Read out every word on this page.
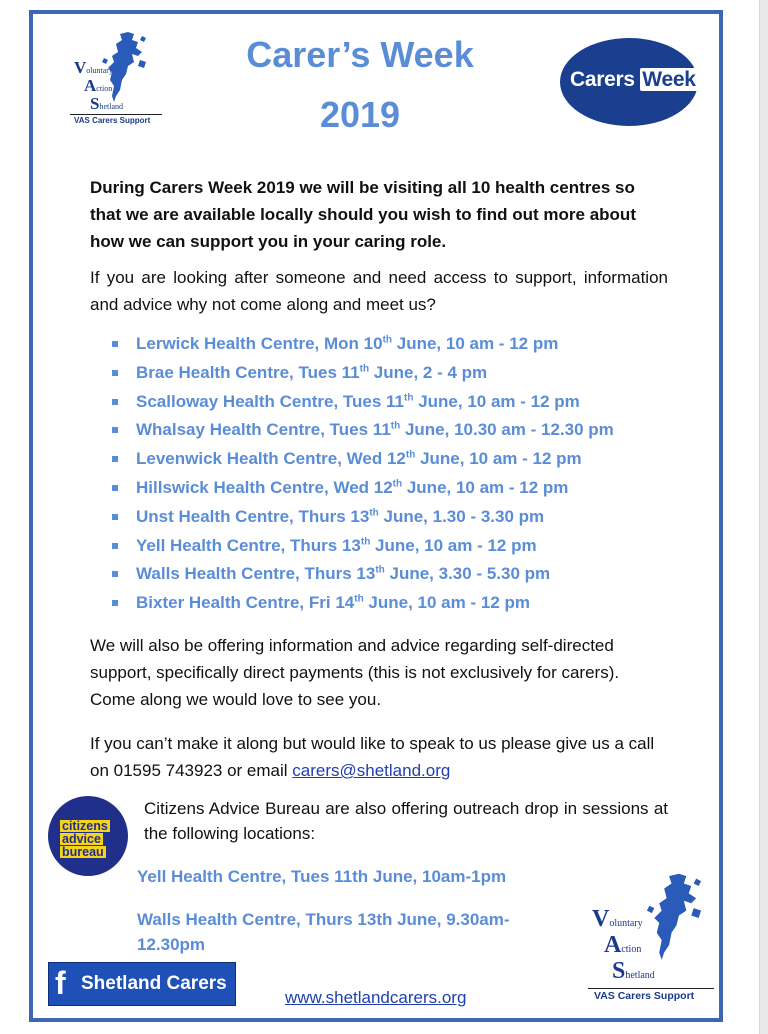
Voluntary
Action
Shetland
VAS Carers Support
Carer’s Week
2019
Carers Week
During Carers Week 2019 we will be visiting all 10 health centres so that we are available locally should you wish to find out more about how we can support you in your caring role.
If you are looking after someone and need access to support, information and advice why not come along and meet us?
Lerwick Health Centre, Mon 10th June, 10 am - 12 pm
Brae Health Centre, Tues 11th June, 2 - 4 pm
Scalloway Health Centre, Tues 11th June, 10 am - 12 pm
Whalsay Health Centre, Tues 11th June, 10.30 am - 12.30 pm
Levenwick Health Centre, Wed 12th June, 10 am - 12 pm
Hillswick Health Centre, Wed 12th June, 10 am - 12 pm
Unst Health Centre, Thurs 13th June, 1.30 - 3.30 pm
Yell Health Centre, Thurs 13th June, 10 am - 12 pm
Walls Health Centre, Thurs 13th June, 3.30 - 5.30 pm
Bixter Health Centre, Fri 14th June, 10 am - 12 pm
We will also be offering information and advice regarding self-directed support, specifically direct payments (this is not exclusively for carers). Come along we would love to see you.
If you can’t make it along but would like to speak to us please give us a call on 01595 743923 or email carers@shetland.org
citizens
advice
bureau
Citizens Advice Bureau are also offering outreach drop in sessions at the following locations:
Yell Health Centre, Tues 11th June, 10am-1pm
Walls Health Centre, Thurs 13th June, 9.30am-12.30pm
Voluntary
Action
Shetland
VAS Carers Support
f Shetland Carers
www.shetlandcarers.org
